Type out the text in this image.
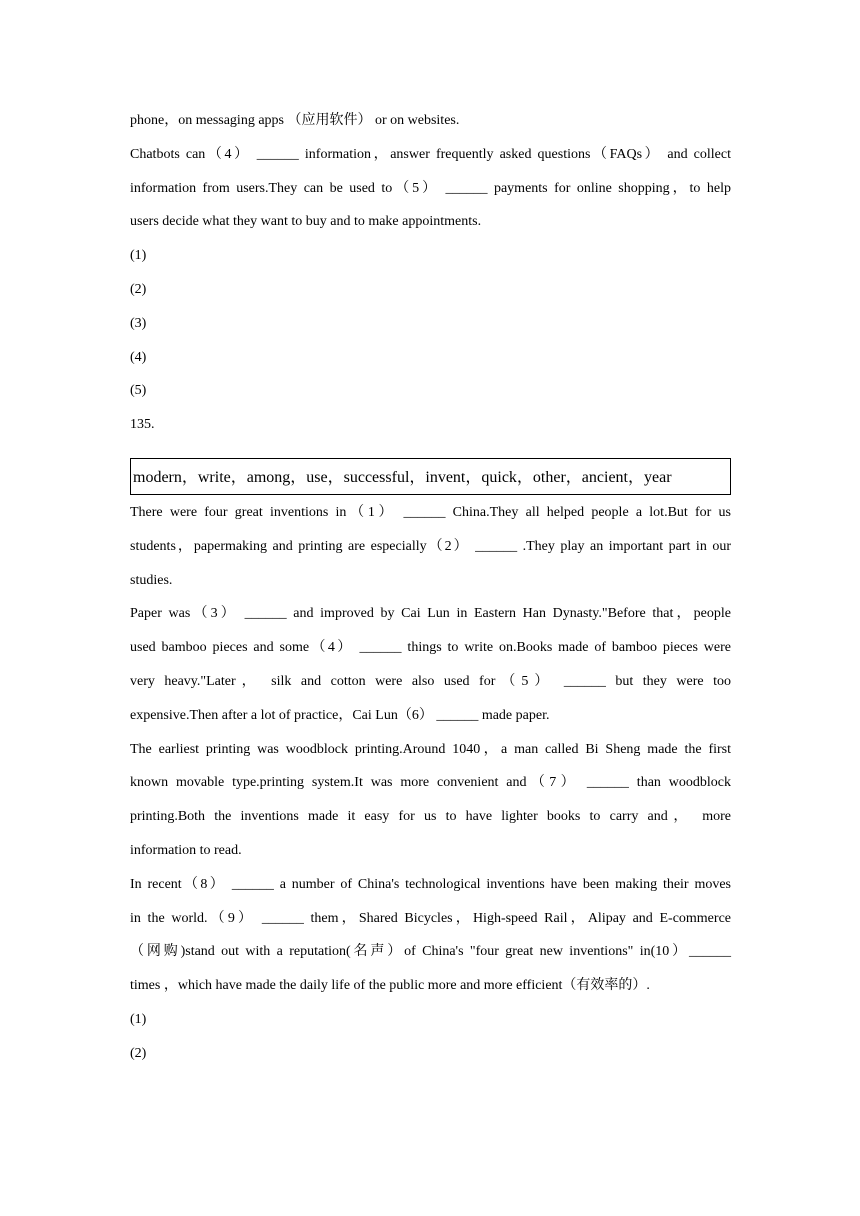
phone，on messaging apps （应用软件） or on websites.
Chatbots can（4） ______ information，answer frequently asked questions（FAQs） and collect
information from users.They can be used to（5） ______ payments for online shopping，to help
users decide what they want to buy and to make appointments.
(1)
(2)
(3)
(4)
(5)
135.
modern，write，among，use，successful，invent，quick，other，ancient，year
There were four great inventions in（1） ______ China.They all helped people a lot.But for us
students，papermaking and printing are especially（2） ______ .They play an important part in our
studies.
Paper was（3） ______ and improved by Cai Lun in Eastern Han Dynasty."Before that，people
used bamboo pieces and some（4） ______ things to write on.Books made of bamboo pieces were
very heavy."Later， silk and cotton were also used for（5） ______ but they were too
expensive.Then after a lot of practice，Cai Lun（6） ______ made paper.
The earliest printing was woodblock printing.Around 1040，a man called Bi Sheng made the first
known movable type.printing system.It was more convenient and（7） ______ than woodblock
printing.Both the inventions made it easy for us to have lighter books to carry and， more
information to read.
In recent（8） ______ a number of China's technological inventions have been making their moves
in the world.（9） ______ them，Shared Bicycles，High-speed Rail，Alipay and E-commerce
（网购)stand out with a reputation(名声）of China's "four great new inventions" in(10）______
times ，which have made the daily life of the public more and more efficient（有效率的）.
(1)
(2)
